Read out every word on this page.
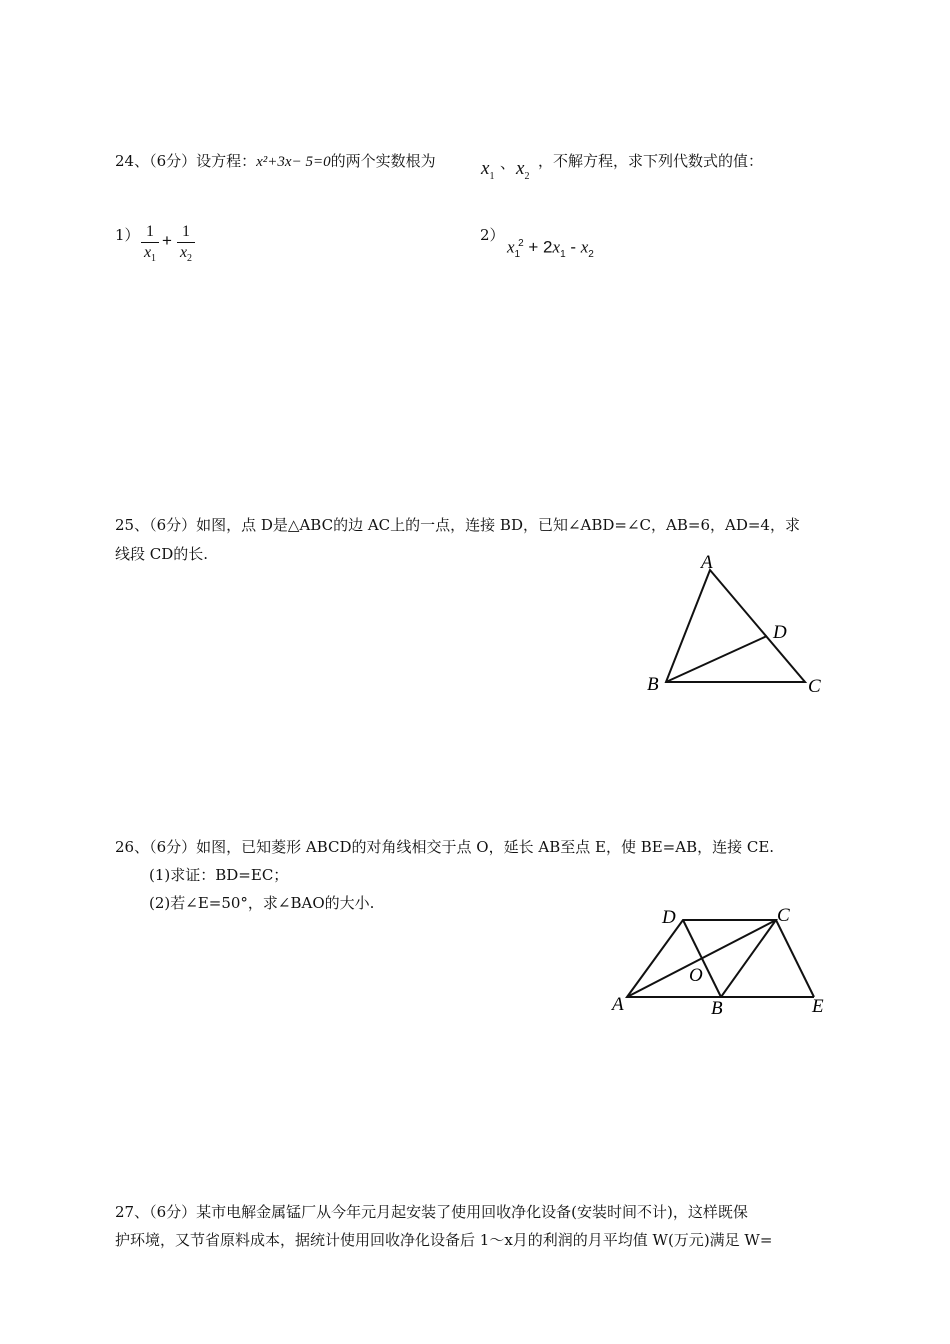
24、（6分）设方程：x²+3x− 5=0的两个实数根为 $x_1$
、 $x_2$
，不解方程，求下列代数式的值：
1） 1
$x_1$
+ 1
$x_2$
2）
$x_1^2 + 2x_1 - x_2$
25、（6分）如图，点 D是△ABC的边 AC上的一点，连接 BD，已知∠ABD=∠C，AB=6，AD=4，求
线段 CD的长.	A
B	C
D
26、（6分）如图，已知菱形 ABCD的对角线相交于点 O，延长 AB至点 E，使 BE=AB，连接 CE.
(1)求证：BD=EC；
(2)若∠E=50°，求∠BAO的大小.
D	C
A	B	E
O
27、（6分）某市电解金属锰厂从今年元月起安装了使用回收净化设备(安装时间不计)，这样既保
护环境，又节省原料成本，据统计使用回收净化设备后 1～x月的利润的月平均值 W(万元)满足 W=
